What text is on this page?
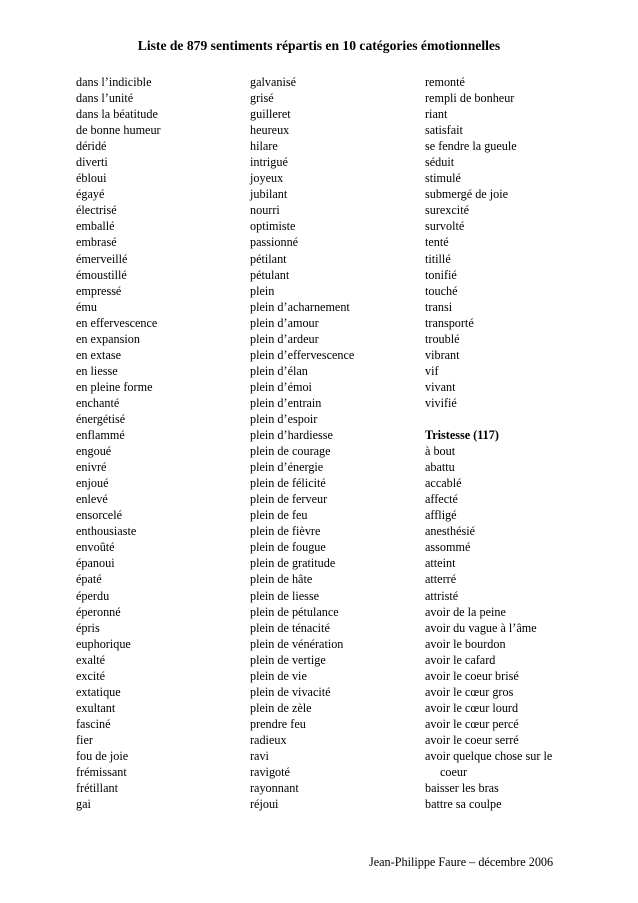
Liste de 879 sentiments répartis en 10 catégories émotionnelles
dans l’indicible
dans l’unité
dans la béatitude
de bonne humeur
déridé
diverti
ébloui
égayé
électrisé
emballé
embrasé
émerveillé
émoustillé
empressé
ému
en effervescence
en expansion
en extase
en liesse
en pleine forme
enchanté
énergétisé
enflammé
engoué
enivré
enjoué
enlevé
ensorcelé
enthousiaste
envoûté
épanoui
épaté
éperdu
éperonné
épris
euphorique
exalté
excité
extatique
exultant
fasciné
fier
fou de joie
frémissant
frétillant
gai
galvanisé
grisé
guilleret
heureux
hilare
intrigué
joyeux
jubilant
nourri
optimiste
passionné
pétilant
pétulant
plein
plein d’acharnement
plein d’amour
plein d’ardeur
plein d’effervescence
plein d’élan
plein d’émoi
plein d’entrain
plein d’espoir
plein d’hardiesse
plein de courage
plein d’énergie
plein de félicité
plein de ferveur
plein de feu
plein de fièvre
plein de fougue
plein de gratitude
plein de hâte
plein de liesse
plein de pétulance
plein de ténacité
plein de vénération
plein de vertige
plein de vie
plein de vivacité
plein de zèle
prendre feu
radieux
ravi
ravigoté
rayonnant
réjoui
remonté
rempli de bonheur
riant
satisfait
se fendre la gueule
séduit
stimulé
submergé de joie
surexcité
survolté
tenté
titillé
tonifié
touché
transi
transporté
troublé
vibrant
vif
vivant
vivifié
Tristesse (117)
à bout
abattu
accablé
affecté
affligé
anesthésié
assommé
atteint
atterré
attristé
avoir de la peine
avoir du vague à l’âme
avoir le bourdon
avoir le cafard
avoir le coeur brisé
avoir le cœur gros
avoir le cœur lourd
avoir le cœur percé
avoir le coeur serré
avoir quelque chose sur le
coeur
baisser les bras
battre sa coulpe
Jean-Philippe Faure – décembre 2006
